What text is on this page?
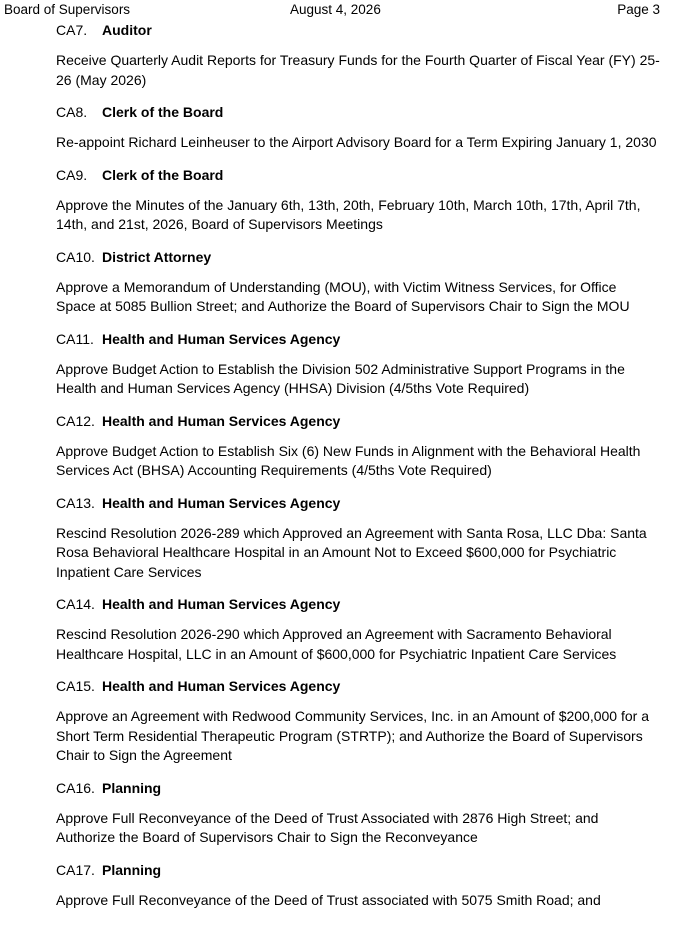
Board of Supervisors	August 4, 2026	Page 3
CA7. Auditor

Receive Quarterly Audit Reports for Treasury Funds for the Fourth Quarter of Fiscal Year (FY) 25-26 (May 2026)

CA8. Clerk of the Board

Re-appoint Richard Leinheuser to the Airport Advisory Board for a Term Expiring January 1, 2030

CA9. Clerk of the Board

Approve the Minutes of the January 6th, 13th, 20th, February 10th, March 10th, 17th, April 7th, 14th, and 21st, 2026, Board of Supervisors Meetings

CA10. District Attorney

Approve a Memorandum of Understanding (MOU), with Victim Witness Services, for Office Space at 5085 Bullion Street; and Authorize the Board of Supervisors Chair to Sign the MOU

CA11. Health and Human Services Agency

Approve Budget Action to Establish the Division 502 Administrative Support Programs in the Health and Human Services Agency (HHSA) Division (4/5ths Vote Required)

CA12. Health and Human Services Agency

Approve Budget Action to Establish Six (6) New Funds in Alignment with the Behavioral Health Services Act (BHSA) Accounting Requirements (4/5ths Vote Required)

CA13. Health and Human Services Agency

Rescind Resolution 2026-289 which Approved an Agreement with Santa Rosa, LLC Dba: Santa Rosa Behavioral Healthcare Hospital in an Amount Not to Exceed $600,000 for Psychiatric Inpatient Care Services

CA14. Health and Human Services Agency

Rescind Resolution 2026-290 which Approved an Agreement with Sacramento Behavioral Healthcare Hospital, LLC in an Amount of $600,000 for Psychiatric Inpatient Care Services

CA15. Health and Human Services Agency

Approve an Agreement with Redwood Community Services, Inc. in an Amount of $200,000 for a Short Term Residential Therapeutic Program (STRTP); and Authorize the Board of Supervisors Chair to Sign the Agreement

CA16. Planning

Approve Full Reconveyance of the Deed of Trust Associated with 2876 High Street; and Authorize the Board of Supervisors Chair to Sign the Reconveyance

CA17. Planning

Approve Full Reconveyance of the Deed of Trust associated with 5075 Smith Road; and
